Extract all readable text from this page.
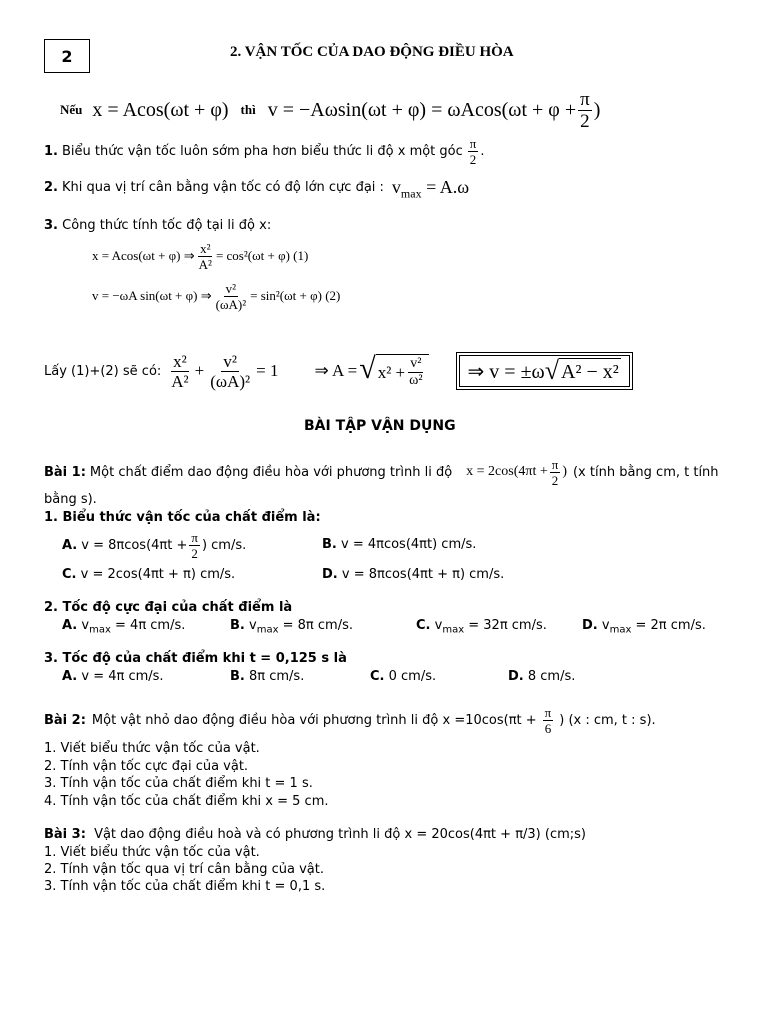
2	2. VẬN TỐC CỦA DAO ĐỘNG ĐIỀU HÒA
Nếu x = Acos(ωt + φ) thì $v = -A\omega\sin(\omega t + \varphi) = \omega Acos(\omega t + \varphi + \frac{\pi}{2}$ )
1. Biểu thức vận tốc luôn sớm pha hơn biểu thức li độ x một góc $\frac{\pi}{2}$ .
2. Khi qua vị trí cân bằng vận tốc có độ lớn cực đại : $v_{max} = A.\omega$
3. Công thức tính tốc độ tại li độ x:
x = Acos(ωt + φ) ⇒ $\frac{\text{x²}}{\text{A²}} = \cos^2(\omega t + \varphi)$ (1)
v = −ωA sin(ωt + φ) ⇒ $\frac{\text{v²}}{\text{(ωA)²}} = \sin^2(\omega t + \varphi)$ (2)
Lấy (1)+(2) sẽ có: $\frac{\text{x²}}{\text{A²}} + \frac{\text{v²}}{\text{(ωA)²}} = 1$ ⇒ A = √ $x^2 + \frac{\text{v²}}{\text{ω²}}$ ⇒ v = ±ω √ A² − x²
BÀI TẬP VẬN DỤNG
Bài 1: Một chất điểm dao động điều hòa với phương trình li độ $x = 2\cos(4\pi t + \frac{\pi}{2}$ ) (x tính bằng cm, t tính
bằng s).
1. Biểu thức vận tốc của chất điểm là:
A. $v = 8\pi\cos(4\pi t + \frac{\pi}{2}$ ) cm/s.	B. v = 4πcos(4πt) cm/s.
C. v = 2cos(4πt + π) cm/s.	D. v = 8πcos(4πt + π) cm/s.
2. Tốc độ cực đại của chất điểm là
A. $v_{max} = 4\pi$ cm/s.	B. $v_{max} = 8\pi$ cm/s.	C. $v_{max} = 32\pi$ cm/s.	D. $v_{max} = 2\pi$ cm/s.
3. Tốc độ của chất điểm khi t = 0,125 s là
A. v = 4π cm/s.	B. 8π cm/s.	C. 0 cm/s.	D. 8 cm/s.
Bài 2: Một vật nhỏ dao động điều hòa với phương trình li độ $x =10\cos(\pi t + \frac{\pi}{6}$ ) (x : cm, t : s).
1. Viết biểu thức vận tốc của vật.
2. Tính vận tốc cực đại của vật.
3. Tính vận tốc của chất điểm khi t = 1 s.
4. Tính vận tốc của chất điểm khi x = 5 cm.
Bài 3: Vật dao động điều hoà và có phương trình li độ x = 20cos(4πt + π/3) (cm;s)
1. Viết biểu thức vận tốc của vật.
2. Tính vận tốc qua vị trí cân bằng của vật.
3. Tính vận tốc của chất điểm khi t = 0,1 s.
